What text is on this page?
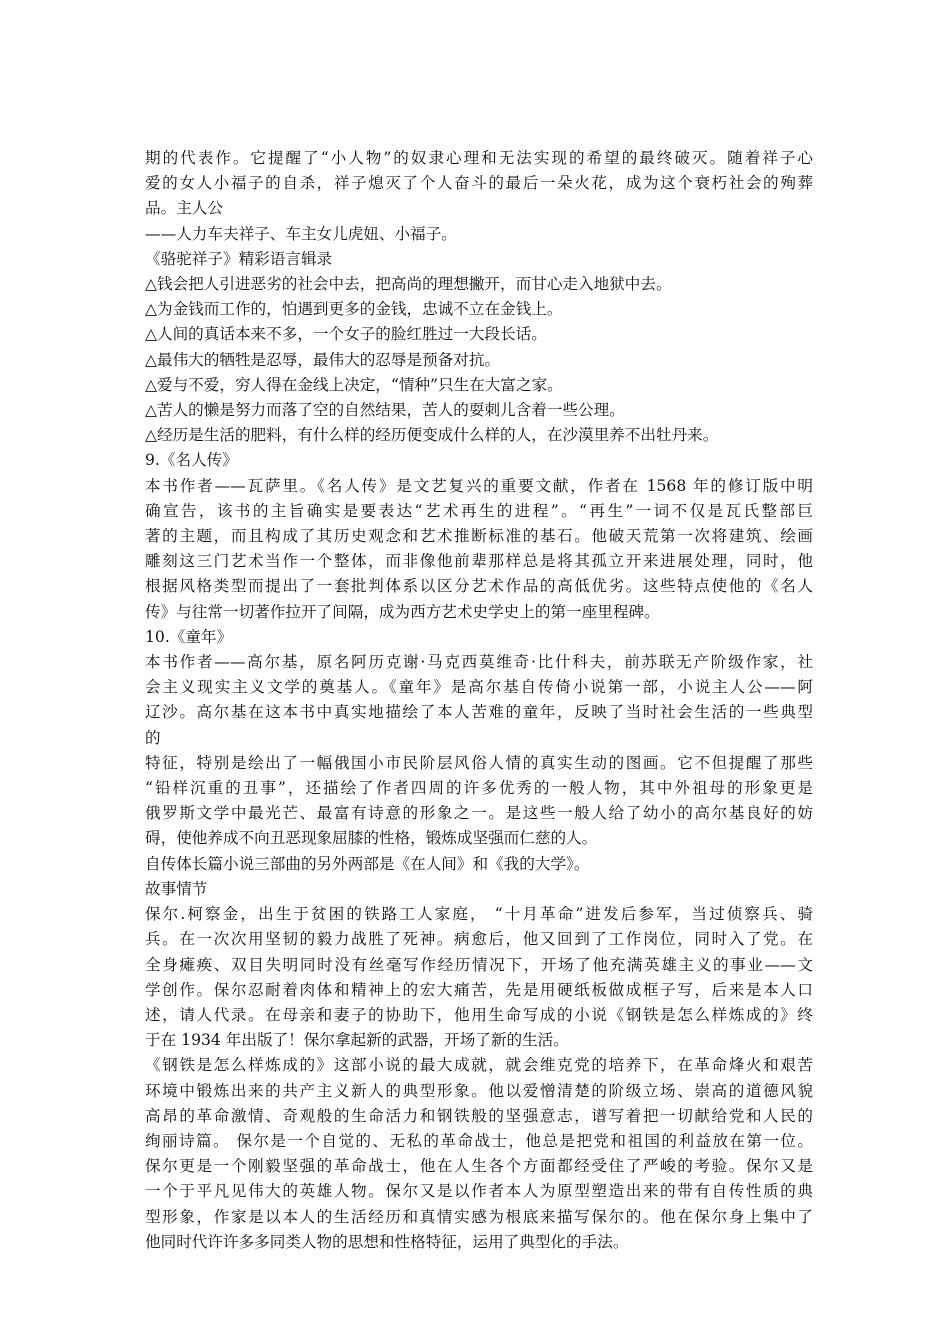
期的代表作。它提醒了“小人物”的奴隶心理和无法实现的希望的最终破灭。随着祥子心

爱的女人小福子的自杀，祥子熄灭了个人奋斗的最后一朵火花，成为这个衰朽社会的殉葬

品。主人公

——人力车夫祥子、车主女儿虎妞、小福子。

《骆驼祥子》精彩语言辑录

△钱会把人引进恶劣的社会中去，把高尚的理想撇开，而甘心走入地狱中去。

△为金钱而工作的，怕遇到更多的金钱，忠诚不立在金钱上。

△人间的真话本来不多，一个女子的脸红胜过一大段长话。

△最伟大的牺牲是忍辱，最伟大的忍辱是预备对抗。

△爱与不爱，穷人得在金线上决定，“情种”只生在大富之家。

△苦人的懒是努力而落了空的自然结果，苦人的耍刺儿含着一些公理。

△经历是生活的肥料，有什么样的经历便变成什么样的人，在沙漠里养不出牡丹来。

9.《名人传》

本书作者——瓦萨里。《名人传》是文艺复兴的重要文献，作者在 1568 年的修订版中明

确宣告，该书的主旨确实是要表达“艺术再生的进程”。“再生”一词不仅是瓦氏整部巨

著的主题，而且构成了其历史观念和艺术推断标准的基石。他破天荒第一次将建筑、绘画

雕刻这三门艺术当作一个整体，而非像他前辈那样总是将其孤立开来进展处理，同时，他

根据风格类型而提出了一套批判体系以区分艺术作品的高低优劣。这些特点使他的《名人

传》与往常一切著作拉开了间隔，成为西方艺术史学史上的第一座里程碑。

10.《童年》

本书作者——高尔基，原名阿历克谢·马克西莫维奇·比什科夫，前苏联无产阶级作家，社

会主义现实主义文学的奠基人。《童年》是高尔基自传倚小说第一部，小说主人公——阿

辽沙。高尔基在这本书中真实地描绘了本人苦难的童年，反映了当时社会生活的一些典型

的

特征，特别是绘出了一幅俄国小市民阶层风俗人情的真实生动的图画。它不但提醒了那些

“铅样沉重的丑事”，还描绘了作者四周的许多优秀的一般人物，其中外祖母的形象更是

俄罗斯文学中最光芒、最富有诗意的形象之一。是这些一般人给了幼小的高尔基良好的妨

碍，使他养成不向丑恶现象屈膝的性格，锻炼成坚强而仁慈的人。

自传体长篇小说三部曲的另外两部是《在人间》和《我的大学》。

故事情节

保尔.柯察金，出生于贫困的铁路工人家庭， “十月革命”进发后参军，当过侦察兵、骑

兵。在一次次用坚韧的毅力战胜了死神。病愈后，他又回到了工作岗位，同时入了党。在

全身瘫痪、双目失明同时没有丝毫写作经历情况下，开场了他充满英雄主义的事业——文

学创作。保尔忍耐着肉体和精神上的宏大痛苦，先是用硬纸板做成框子写，后来是本人口

述，请人代录。在母亲和妻子的协助下，他用生命写成的小说《钢铁是怎么样炼成的》终

于在 1934 年出版了！保尔拿起新的武器，开场了新的生活。

《钢铁是怎么样炼成的》这部小说的最大成就，就会维克党的培养下，在革命烽火和艰苦

环境中锻炼出来的共产主义新人的典型形象。他以爱憎清楚的阶级立场、崇高的道德风貌

高昂的革命激情、奇观般的生命活力和钢铁般的坚强意志，谱写着把一切献给党和人民的

绚丽诗篇。 保尔是一个自觉的、无私的革命战士，他总是把党和祖国的利益放在第一位。

保尔更是一个刚毅坚强的革命战士，他在人生各个方面都经受住了严峻的考验。保尔又是

一个于平凡见伟大的英雄人物。保尔又是以作者本人为原型塑造出来的带有自传性质的典

型形象，作家是以本人的生活经历和真情实感为根底来描写保尔的。他在保尔身上集中了

他同时代许许多多同类人物的思想和性格特征，运用了典型化的手法。
